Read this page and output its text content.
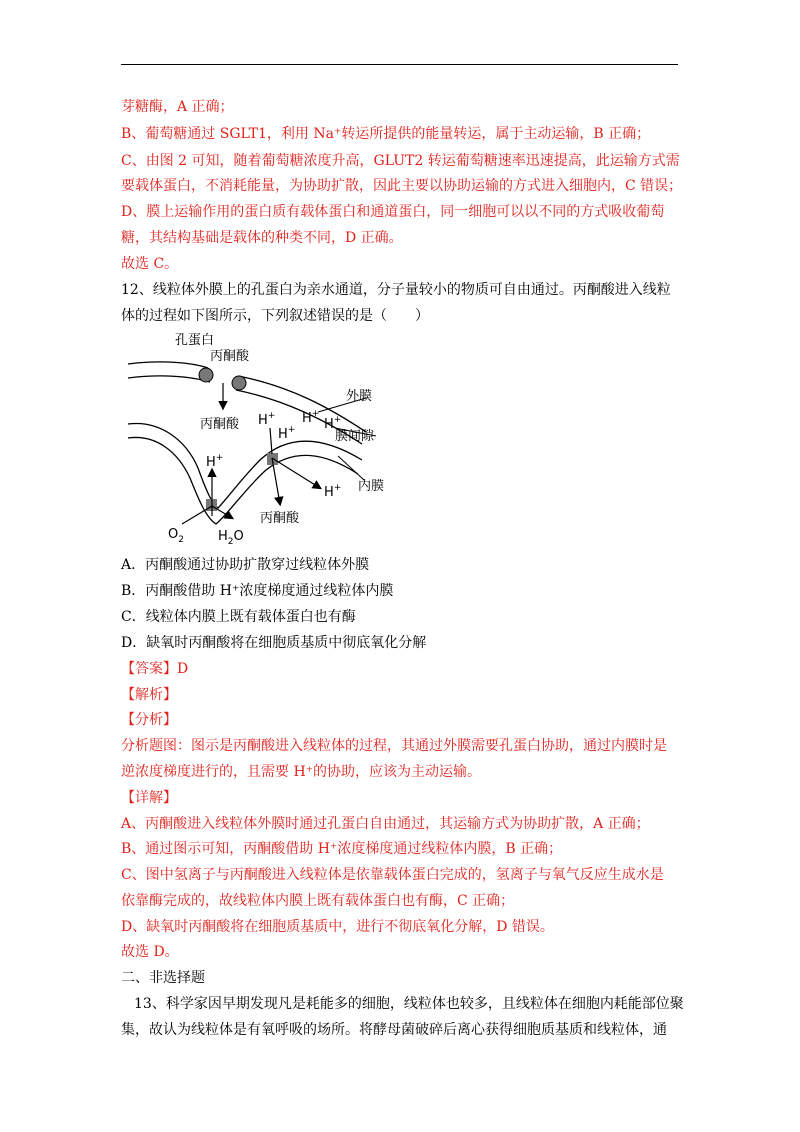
芽糖酶，A 正确；
B、葡萄糖通过 SGLT1，利用 Na⁺转运所提供的能量转运，属于主动运输，B 正确；
C、由图 2 可知，随着葡萄糖浓度升高，GLUT2 转运葡萄糖速率迅速提高，此运输方式需
要载体蛋白，不消耗能量，为协助扩散，因此主要以协助运输的方式进入细胞内，C 错误；
D、膜上运输作用的蛋白质有载体蛋白和通道蛋白，同一细胞可以以不同的方式吸收葡萄
糖，其结构基础是载体的种类不同，D 正确。
故选 C。
12、线粒体外膜上的孔蛋白为亲水通道，分子量较小的物质可自由通过。丙酮酸进入线粒
体的过程如下图所示，下列叙述错误的是（　　）
孔蛋白
丙酮酸
外膜
丙酮酸
膜间隙
内膜
丙酮酸
H+
H+
H+
H+
H+
H+
$O_2$	$H_2O$
A．丙酮酸通过协助扩散穿过线粒体外膜
B．丙酮酸借助 H⁺浓度梯度通过线粒体内膜
C．线粒体内膜上既有载体蛋白也有酶
D．缺氧时丙酮酸将在细胞质基质中彻底氧化分解
【答案】D
【解析】
【分析】
分析题图：图示是丙酮酸进入线粒体的过程，其通过外膜需要孔蛋白协助，通过内膜时是
逆浓度梯度进行的，且需要 H⁺的协助，应该为主动运输。
【详解】
A、丙酮酸进入线粒体外膜时通过孔蛋白自由通过，其运输方式为协助扩散，A 正确；
B、通过图示可知，丙酮酸借助 H⁺浓度梯度通过线粒体内膜，B 正确；
C、图中氢离子与丙酮酸进入线粒体是依靠载体蛋白完成的，氢离子与氧气反应生成水是
依靠酶完成的，故线粒体内膜上既有载体蛋白也有酶，C 正确；
D、缺氧时丙酮酸将在细胞质基质中，进行不彻底氧化分解，D 错误。
故选 D。
二、非选择题
13、科学家因早期发现凡是耗能多的细胞，线粒体也较多，且线粒体在细胞内耗能部位聚
集，故认为线粒体是有氧呼吸的场所。将酵母菌破碎后离心获得细胞质基质和线粒体，通
